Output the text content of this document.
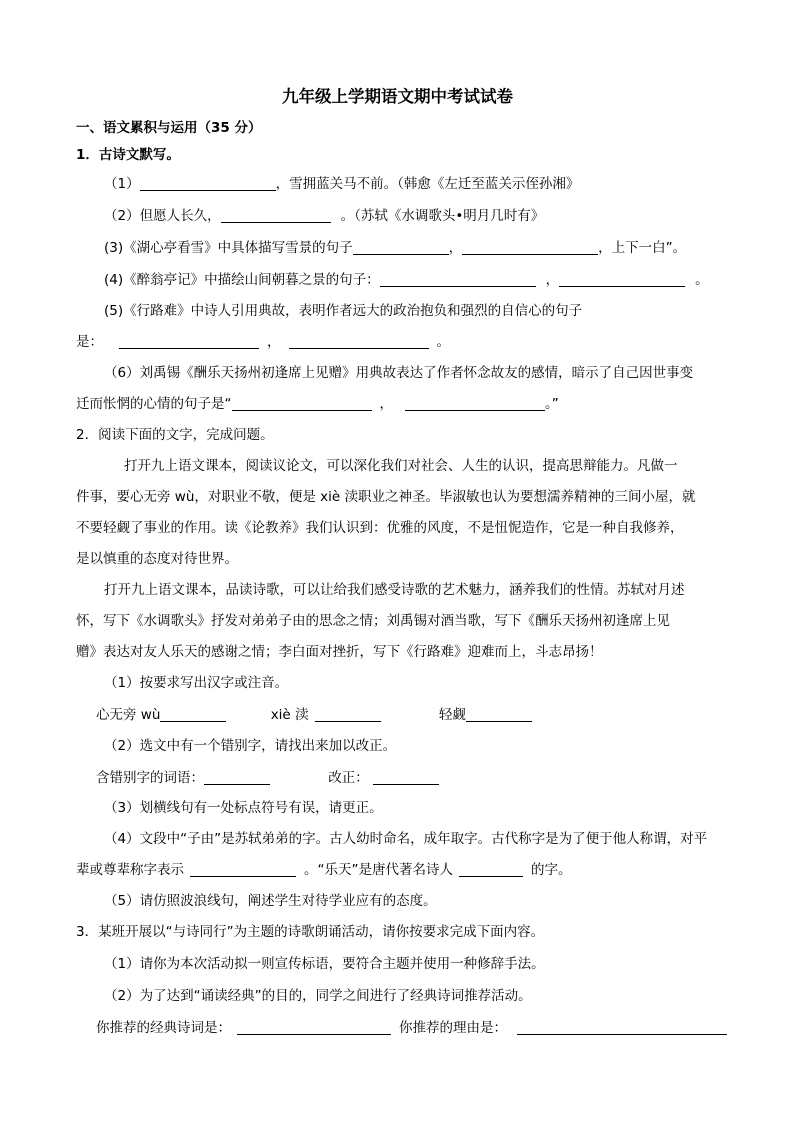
九年级上学期语文期中考试试卷
一、语文累积与运用（35 分）
1．古诗文默写。
（1）	，雪拥蓝关马不前。（韩愈《左迁至蓝关示侄孙湘》
（2）但愿人长久，	。（苏轼《水调歌头•明月几时有》
(3)《湖心亭看雪》中具体描写雪景的句子	，	，上下一白”。
(4)《醉翁亭记》中描绘山间朝暮之景的句子：	，	。
(5)《行路难》中诗人引用典故，表明作者远大的政治抱负和强烈的自信心的句子
是：	，	。
（6）刘禹锡《酬乐天扬州初逢席上见赠》用典故表达了作者怀念故友的感情，暗示了自己因世事变
迁而怅惘的心情的句子是“	，	。”
2．阅读下面的文字，完成问题。
打开九上语文课本，阅读议论文，可以深化我们对社会、人生的认识，提高思辩能力。凡做一
件事，要心无旁 wù，对职业不敬，便是 xiè 渎职业之神圣。毕淑敏也认为要想濡养精神的三间小屋，就
不要轻觑了事业的作用。读《论教养》我们认识到：优雅的风度，不是忸怩造作，它是一种自我修养，
是以慎重的态度对待世界。
打开九上语文课本，品读诗歌，可以让给我们感受诗歌的艺术魅力，涵养我们的性情。苏轼对月述
怀，写下《水调歌头》抒发对弟弟子由的思念之情；刘禹锡对酒当歌，写下《酬乐天扬州初逢席上见
赠》表达对友人乐天的感谢之情；李白面对挫折，写下《行路难》迎难而上，斗志昂扬！
（1）按要求写出汉字或注音。
心无旁 wù	xiè 渎	轻觑
（2）选文中有一个错别字，请找出来加以改正。
含错别字的词语：	改正：
（3）划横线句有一处标点符号有误，请更正。
（4）文段中“子由”是苏轼弟弟的字。古人幼时命名，成年取字。古代称字是为了便于他人称谓，对平
辈或尊辈称字表示	。“乐天”是唐代著名诗人	的字。
（5）请仿照波浪线句，阐述学生对待学业应有的态度。
3．某班开展以“与诗同行”为主题的诗歌朗诵活动，请你按要求完成下面内容。
（1）请你为本次活动拟一则宣传标语，要符合主题并使用一种修辞手法。
（2）为了达到“诵读经典”的目的，同学之间进行了经典诗词推荐活动。
你推荐的经典诗词是：	你推荐的理由是：
